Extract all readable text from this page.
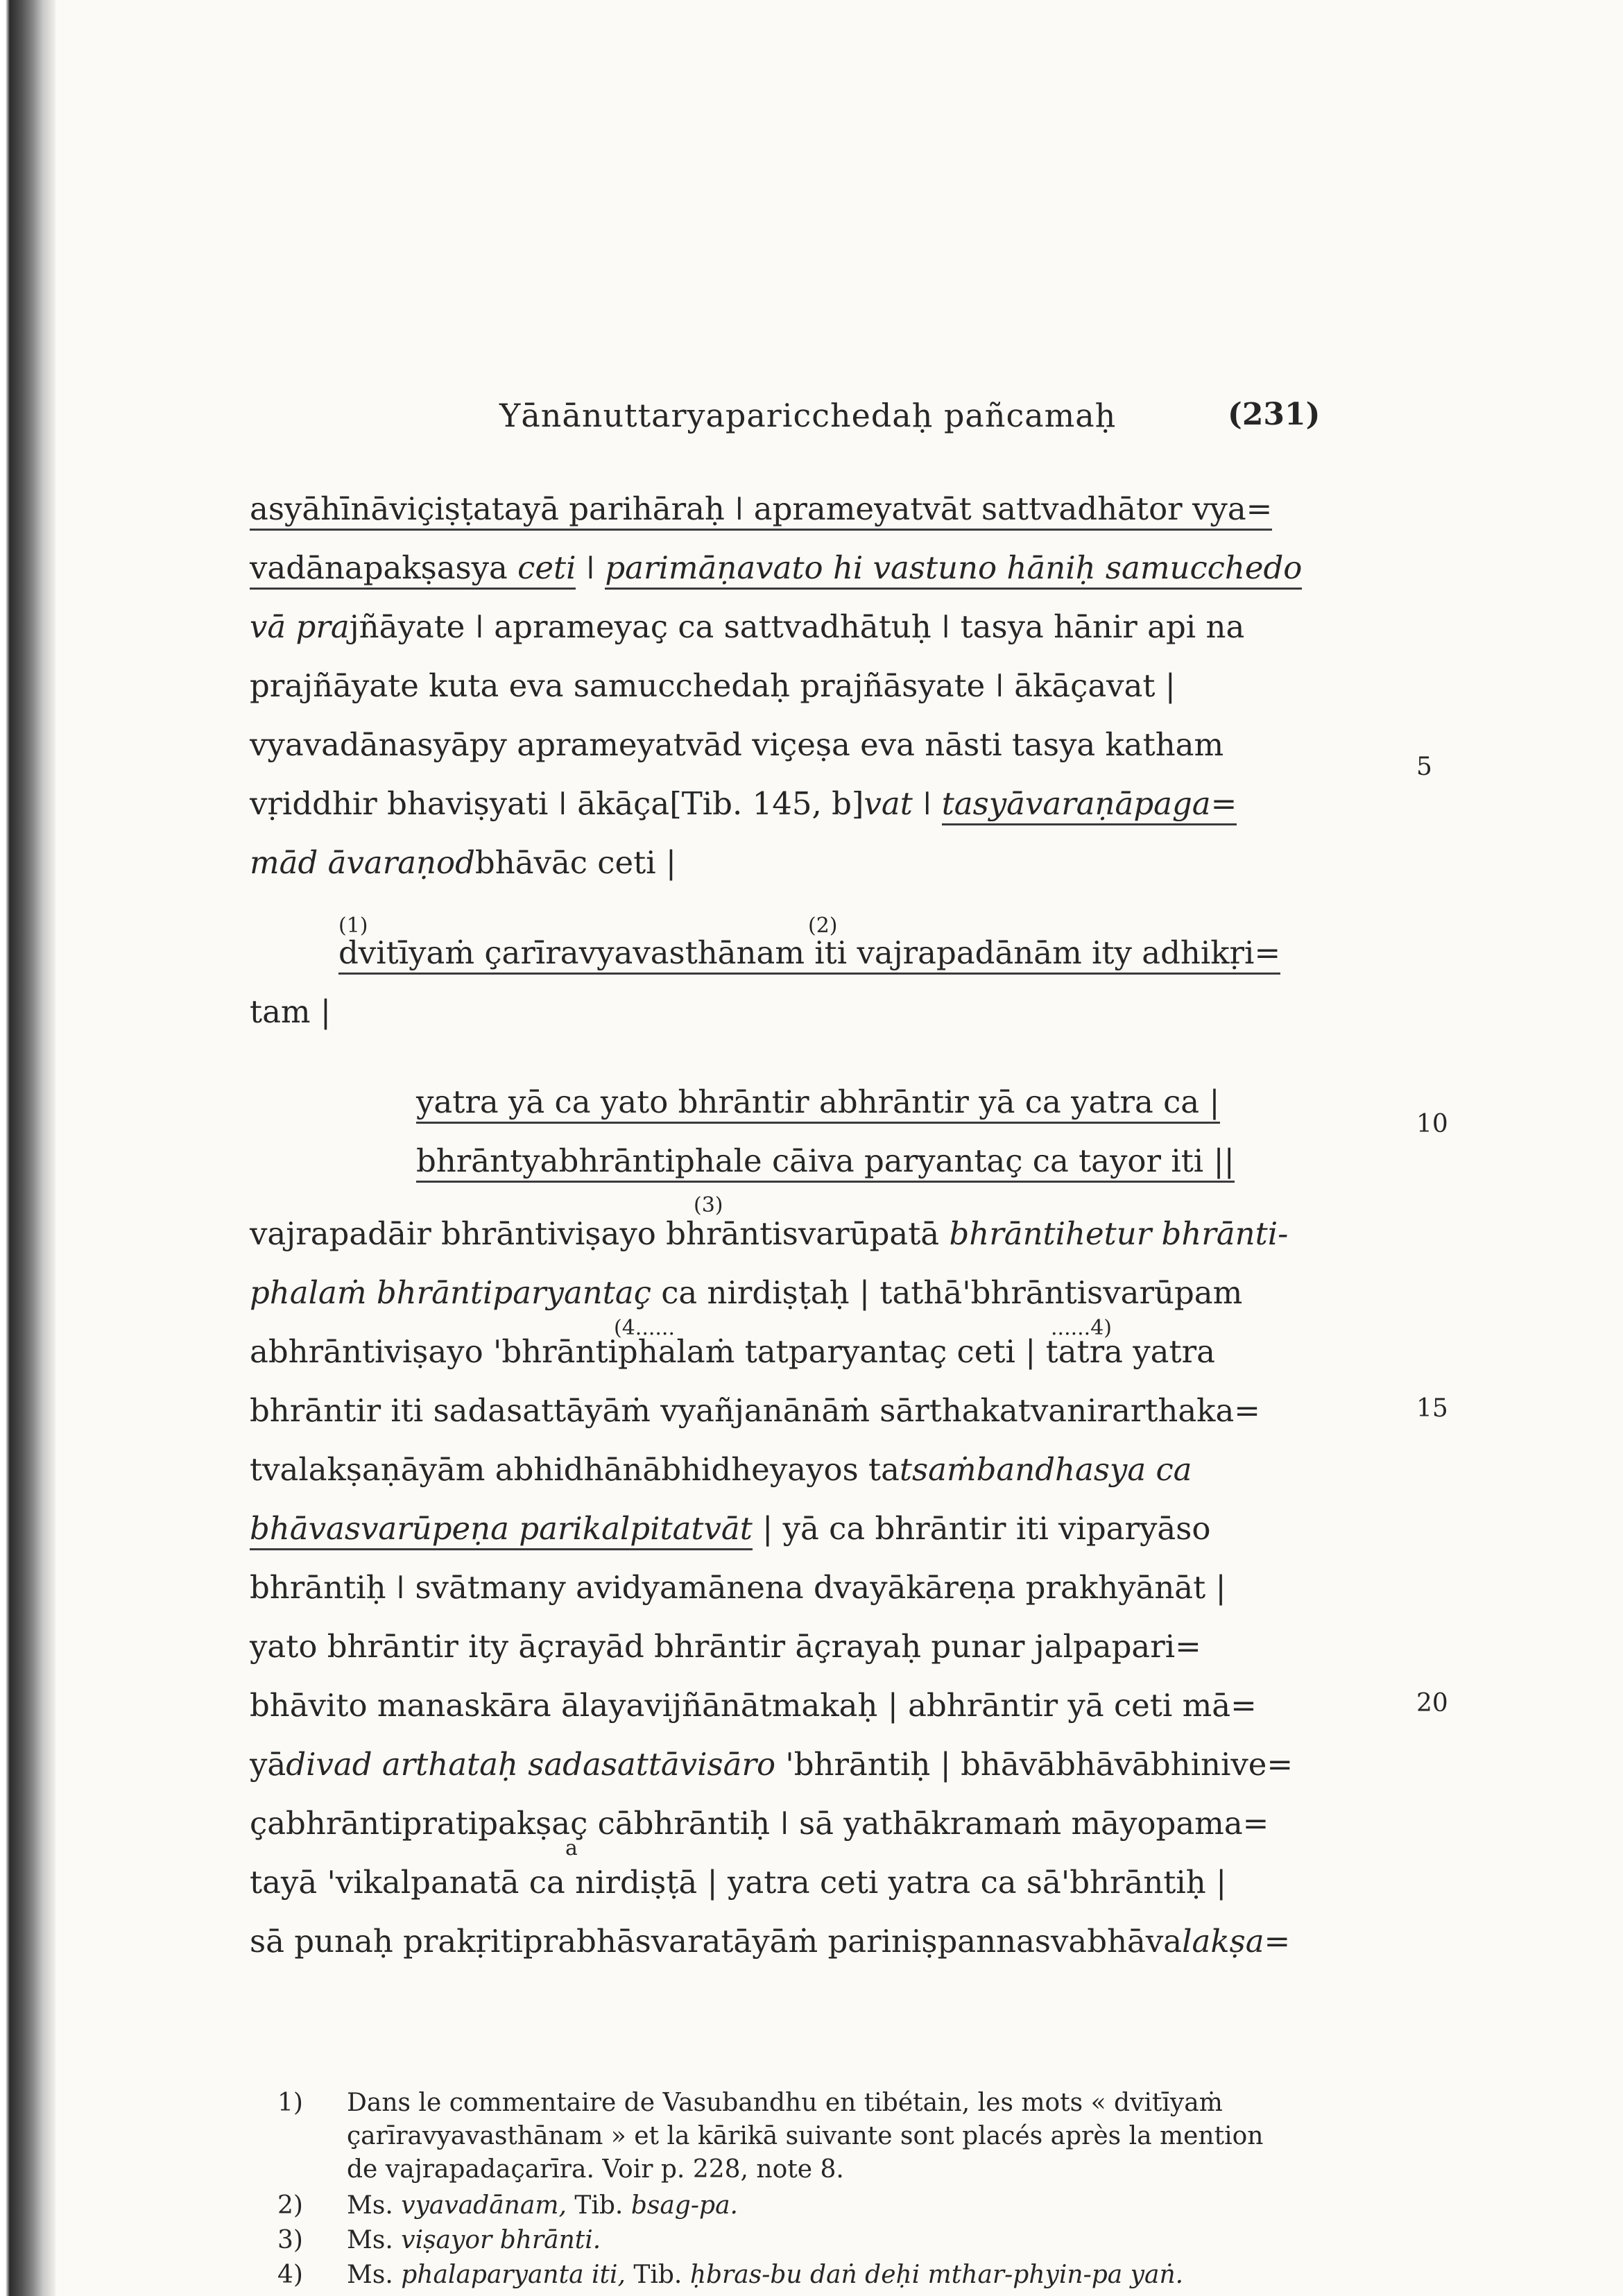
Yānānuttaryaparicchedaḥ pañcamaḥ	(231)
asyāhīnāviçiṣṭatayā parihāraḥ ǀ aprameyatvāt sattvadhātor vya=
vadānapakṣasya ceti ǀ parimāṇavato hi vastuno hāniḥ samucchedo
vā prajñāyate ǀ aprameyaç ca sattvadhātuḥ ǀ tasya hānir api na
prajñāyate kuta eva samucchedaḥ prajñāsyate ǀ ākāçavat |
vyavadānasyāpy aprameyatvād viçeṣa eva nāsti tasya katham
vṛiddhir bhaviṣyati ǀ ākāça[Tib. 145, b]vat ǀ tasyāvaraṇāpaga=
mād āvaraṇodbhāvāc ceti |
(1)	(2)
dvitīyaṁ çarīravyavasthānam iti vajrapadānām ity adhikṛi=
tam |
yatra yā ca yato bhrāntir abhrāntir yā ca yatra ca |
bhrāntyabhrāntiphale cāiva paryantaç ca tayor iti ||
(3)
vajrapadāir bhrāntiviṣayo bhrāntisvarūpatā bhrāntihetur bhrānti-
phalaṁ bhrāntiparyantaç ca nirdiṣṭaḥ | tathā'bhrāntisvarūpam
(4......	......4)
abhrāntiviṣayo 'bhrāntiphalaṁ tatparyantaç ceti | tatra yatra
bhrāntir iti sadasattāyāṁ vyañjanānāṁ sārthakatvanirarthaka=
tvalakṣaṇāyām abhidhānābhidheyayos tatsaṁbandhasya ca
bhāvasvarūpeṇa parikalpitatvāt | yā ca bhrāntir iti viparyāso
bhrāntiḥ ǀ svātmany avidyamānena dvayākāreṇa prakhyānāt |
yato bhrāntir ity āçrayād bhrāntir āçrayaḥ punar jalpapari=
bhāvito manaskāra ālayavijñānātmakaḥ | abhrāntir yā ceti mā=
yādivad arthataḥ sadasattāvisāro 'bhrāntiḥ | bhāvābhāvābhinive=
çabhrāntipratipakṣaç cābhrāntiḥ ǀ sā yathākramaṁ māyopama=
a
tayā 'vikalpanatā ca nirdiṣṭā | yatra ceti yatra ca sā'bhrāntiḥ |
sā punaḥ prakṛitiprabhāsvaratāyāṁ pariniṣpannasvabhāvalakṣa=
5
10
15
20
1) Dans le commentaire de Vasubandhu en tibétain, les mots « dvitīyaṁ
çarīravyavasthānam » et la kārikā suivante sont placés après la mention
de vajrapadaçarīra. Voir p. 228, note 8.
2) Ms. vyavadānam, Tib. bsag-pa.
3) Ms. viṣayor bhrānti.
4) Ms. phalaparyanta iti, Tib. ḥbras-bu daṅ deḥi mthar-phyin-pa yaṅ.
